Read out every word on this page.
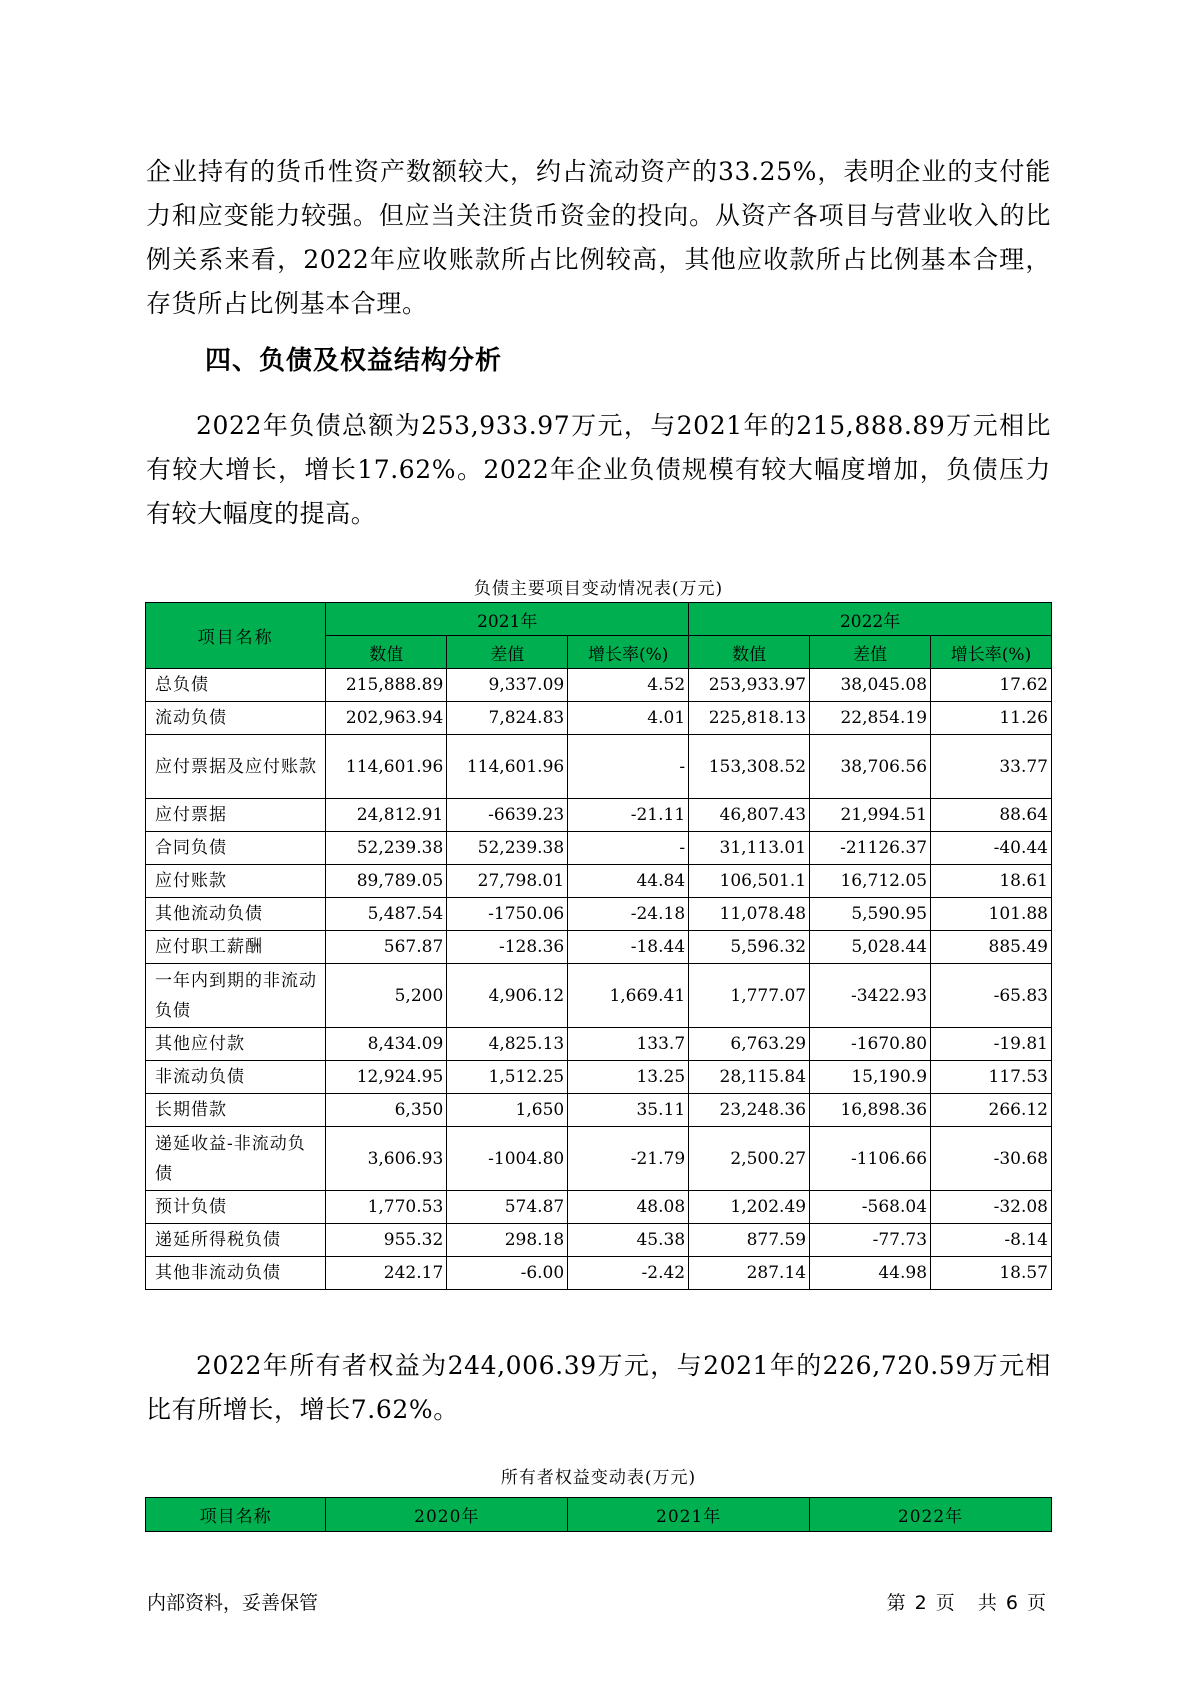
企业持有的货币性资产数额较大，约占流动资产的33.25%，表明企业的支付能力和应变能力较强。但应当关注货币资金的投向。从资产各项目与营业收入的比例关系来看，2022年应收账款所占比例较高，其他应收款所占比例基本合理，存货所占比例基本合理。

四、负债及权益结构分析

2022年负债总额为253,933.97万元，与2021年的215,888.89万元相比有较大增长，增长17.62%。2022年企业负债规模有较大幅度增加，负债压力有较大幅度的提高。

负债主要项目变动情况表(万元)
项目名称	2021年			2022年		
	数值	差值	增长率(%)	数值	差值	增长率(%)
总负债	215,888.89	9,337.09	4.52	253,933.97	38,045.08	17.62
流动负债	202,963.94	7,824.83	4.01	225,818.13	22,854.19	11.26
应付票据及应付账款	114,601.96	114,601.96	-	153,308.52	38,706.56	33.77
应付票据	24,812.91	-6639.23	-21.11	46,807.43	21,994.51	88.64
合同负债	52,239.38	52,239.38	-	31,113.01	-21126.37	-40.44
应付账款	89,789.05	27,798.01	44.84	106,501.1	16,712.05	18.61
其他流动负债	5,487.54	-1750.06	-24.18	11,078.48	5,590.95	101.88
应付职工薪酬	567.87	-128.36	-18.44	5,596.32	5,028.44	885.49
一年内到期的非流动负债	5,200	4,906.12	1,669.41	1,777.07	-3422.93	-65.83
其他应付款	8,434.09	4,825.13	133.7	6,763.29	-1670.80	-19.81
非流动负债	12,924.95	1,512.25	13.25	28,115.84	15,190.9	117.53
长期借款	6,350	1,650	35.11	23,248.36	16,898.36	266.12
递延收益-非流动负债	3,606.93	-1004.80	-21.79	2,500.27	-1106.66	-30.68
预计负债	1,770.53	574.87	48.08	1,202.49	-568.04	-32.08
递延所得税负债	955.32	298.18	45.38	877.59	-77.73	-8.14
其他非流动负债	242.17	-6.00	-2.42	287.14	44.98	18.57

2022年所有者权益为244,006.39万元，与2021年的226,720.59万元相比有所增长，增长7.62%。

所有者权益变动表(万元)
项目名称	2020年	2021年	2022年
内部资料，妥善保管	第 2 页 共 6 页
